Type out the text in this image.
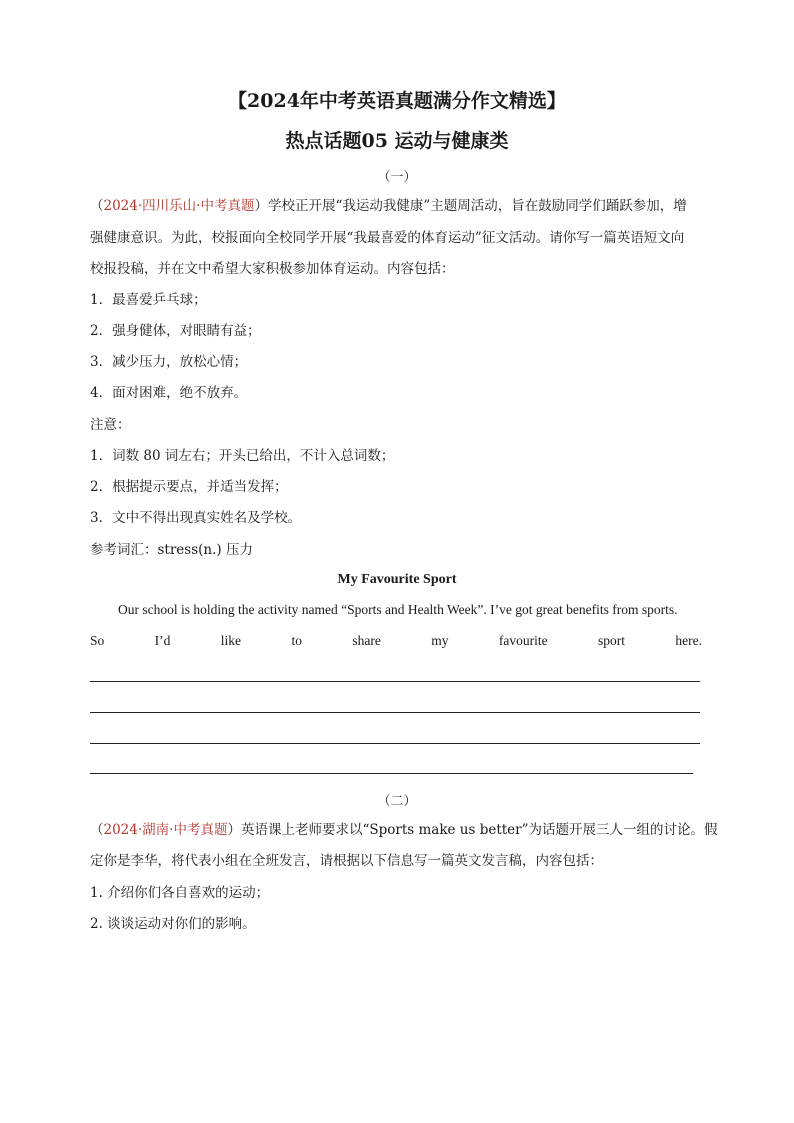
【2024年中考英语真题满分作文精选】
热点话题05 运动与健康类
（一）
（2024·四川乐山·中考真题）学校正开展“我运动我健康”主题周活动，旨在鼓励同学们踊跃参加，增
强健康意识。为此，校报面向全校同学开展“我最喜爱的体育运动”征文活动。请你写一篇英语短文向
校报投稿，并在文中希望大家积极参加体育运动。内容包括：
1．最喜爱乒乓球；
2．强身健体，对眼睛有益；
3．减少压力，放松心情；
4．面对困难，绝不放弃。
注意：
1．词数 80 词左右；开头已给出，不计入总词数；
2．根据提示要点，并适当发挥；
3．文中不得出现真实姓名及学校。
参考词汇：stress(n.) 压力
My Favourite Sport
Our school is holding the activity named “Sports and Health Week”. I’ve got great benefits from sports.
So	I’d	like	to	share	my	favourite	sport	here.
（二）
（2024·湖南·中考真题）英语课上老师要求以“Sports make us better”为话题开展三人一组的讨论。假
定你是李华，将代表小组在全班发言，请根据以下信息写一篇英文发言稿，内容包括：
1. 介绍你们各自喜欢的运动；
2. 谈谈运动对你们的影响。
